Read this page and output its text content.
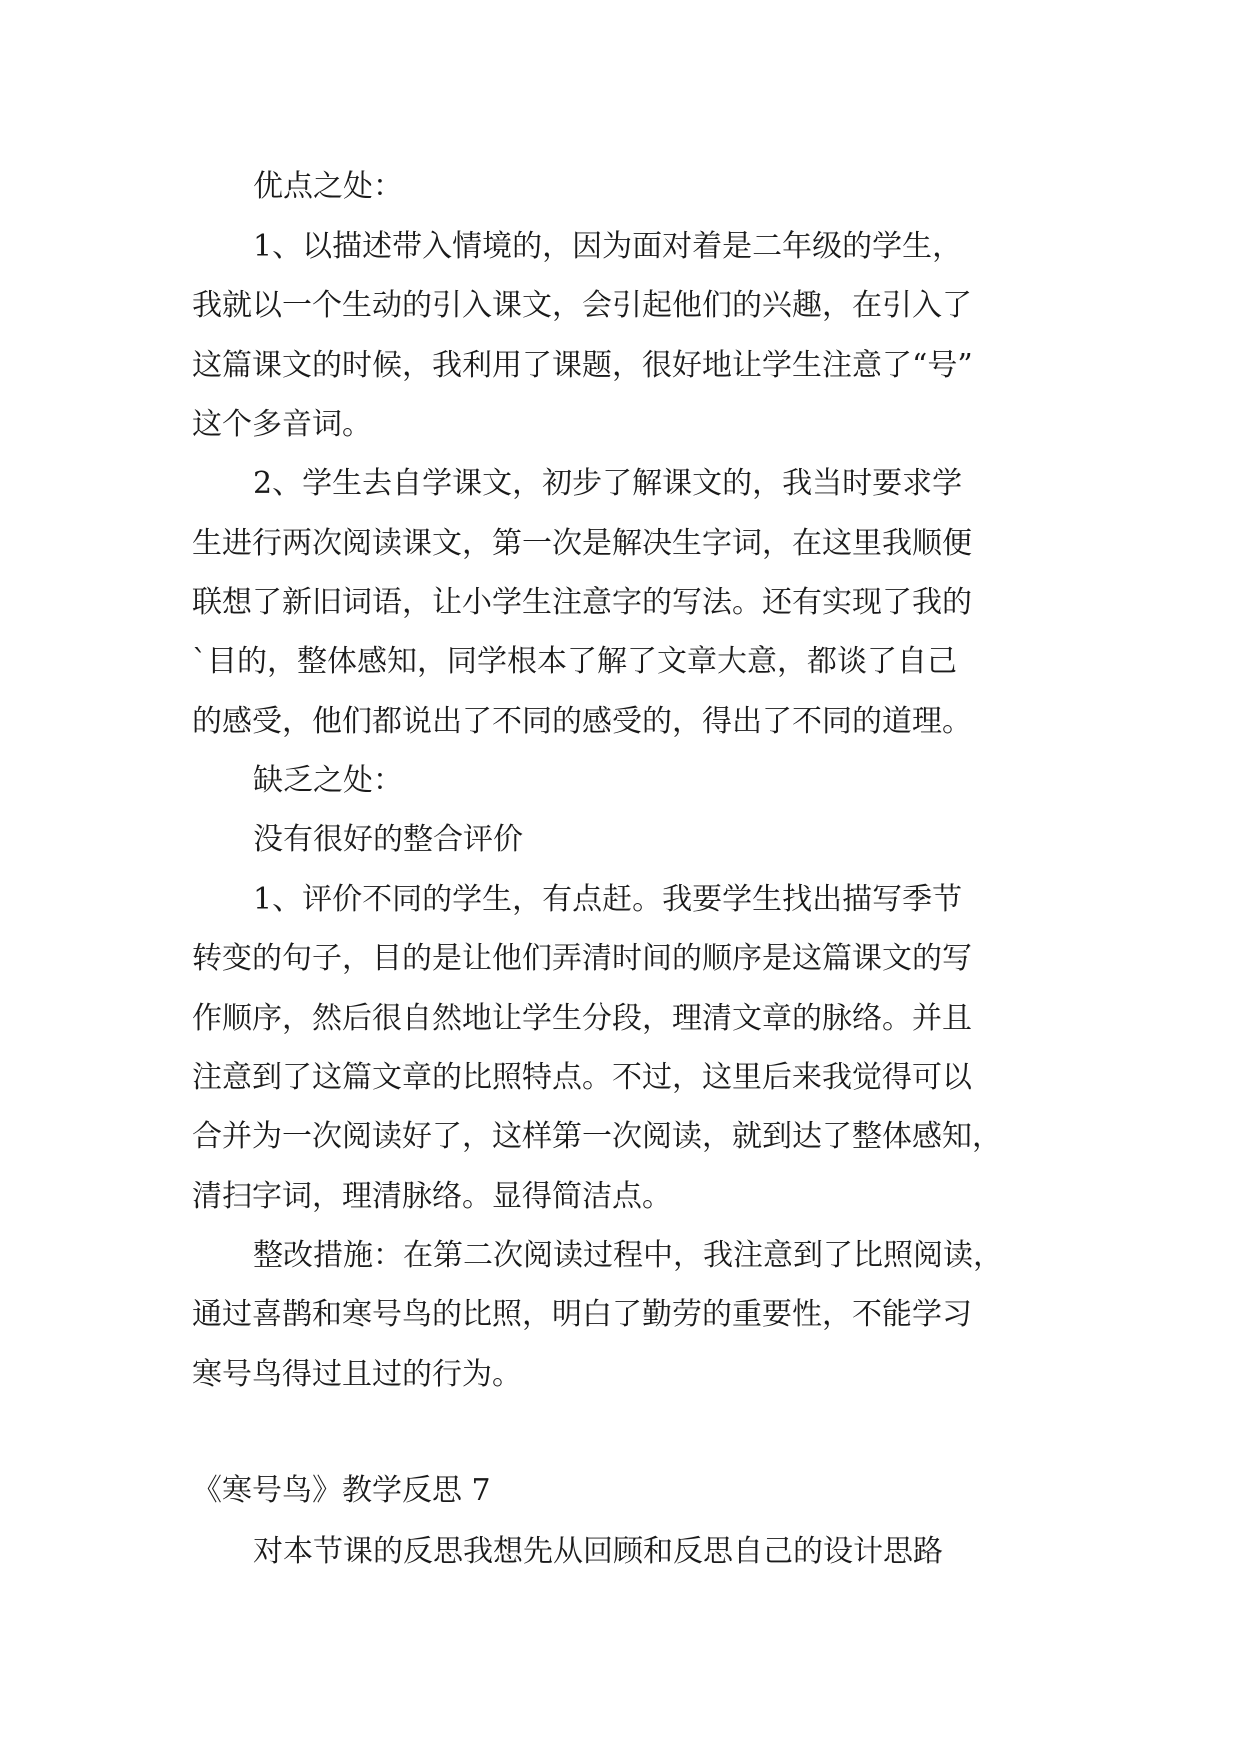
优点之处：
1、以描述带入情境的，因为面对着是二年级的学生，
我就以一个生动的引入课文，会引起他们的兴趣，在引入了
这篇课文的时候，我利用了课题，很好地让学生注意了“号”
这个多音词。
2、学生去自学课文，初步了解课文的，我当时要求学
生进行两次阅读课文，第一次是解决生字词，在这里我顺便
联想了新旧词语，让小学生注意字的写法。还有实现了我的
`目的，整体感知，同学根本了解了文章大意，都谈了自己
的感受，他们都说出了不同的感受的，得出了不同的道理。
缺乏之处：
没有很好的整合评价
1、评价不同的学生，有点赶。我要学生找出描写季节
转变的句子，目的是让他们弄清时间的顺序是这篇课文的写
作顺序，然后很自然地让学生分段，理清文章的脉络。并且
注意到了这篇文章的比照特点。不过，这里后来我觉得可以
合并为一次阅读好了，这样第一次阅读，就到达了整体感知，
清扫字词，理清脉络。显得简洁点。
整改措施：在第二次阅读过程中，我注意到了比照阅读，
通过喜鹊和寒号鸟的比照，明白了勤劳的重要性，不能学习
寒号鸟得过且过的行为。
《寒号鸟》教学反思 7
对本节课的反思我想先从回顾和反思自己的设计思路
